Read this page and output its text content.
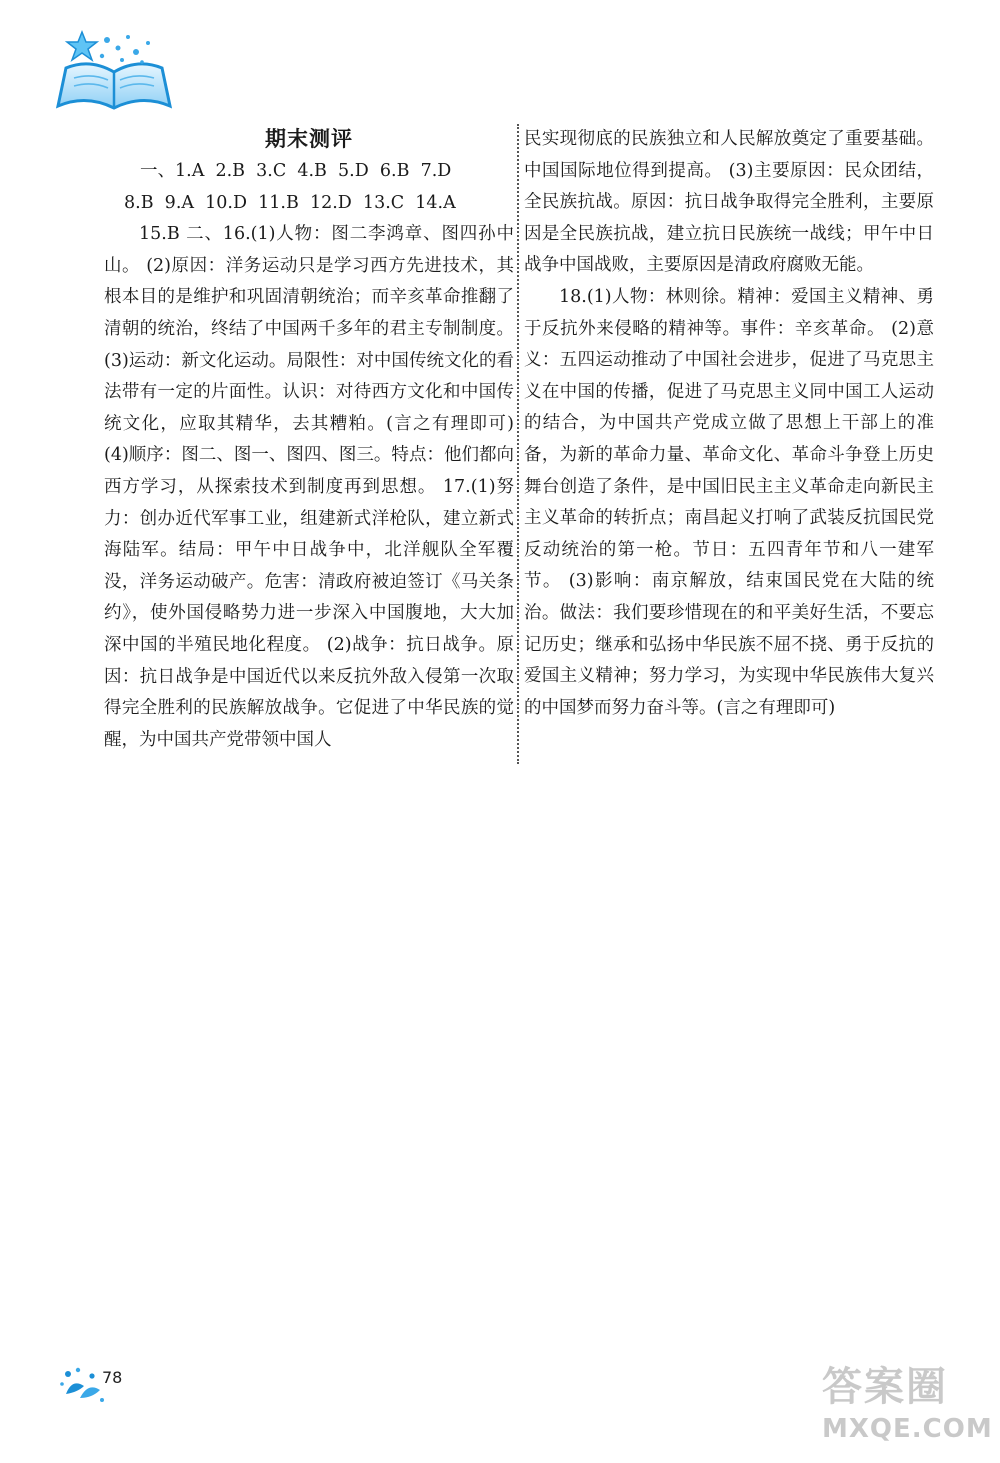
期末测评

一、1.A  2.B  3.C  4.B  5.D  6.B  7.D

8.B  9.A  10.D  11.B  12.D  13.C  14.A

15.B 二、16.(1)人物：图二李鸿章、图四孙中山。 (2)原因：洋务运动只是学习西方先进技术，其根本目的是维护和巩固清朝统治；而辛亥革命推翻了清朝的统治，终结了中国两千多年的君主专制制度。 (3)运动：新文化运动。局限性：对中国传统文化的看法带有一定的片面性。认识：对待西方文化和中国传统文化，应取其精华，去其糟粕。(言之有理即可) (4)顺序：图二、图一、图四、图三。特点：他们都向西方学习，从探索技术到制度再到思想。 17.(1)努力：创办近代军事工业，组建新式洋枪队，建立新式海陆军。结局：甲午中日战争中，北洋舰队全军覆没，洋务运动破产。危害：清政府被迫签订《马关条约》，使外国侵略势力进一步深入中国腹地，大大加深中国的半殖民地化程度。 (2)战争：抗日战争。原因：抗日战争是中国近代以来反抗外敌入侵第一次取得完全胜利的民族解放战争。它促进了中华民族的觉醒，为中国共产党带领中国人

民实现彻底的民族独立和人民解放奠定了重要基础。中国国际地位得到提高。 (3)主要原因：民众团结，全民族抗战。原因：抗日战争取得完全胜利，主要原因是全民族抗战，建立抗日民族统一战线；甲午中日战争中国战败，主要原因是清政府腐败无能。

18.(1)人物：林则徐。精神：爱国主义精神、勇于反抗外来侵略的精神等。事件：辛亥革命。 (2)意义：五四运动推动了中国社会进步，促进了马克思主义在中国的传播，促进了马克思主义同中国工人运动的结合，为中国共产党成立做了思想上干部上的准备，为新的革命力量、革命文化、革命斗争登上历史舞台创造了条件，是中国旧民主主义革命走向新民主主义革命的转折点；南昌起义打响了武装反抗国民党反动统治的第一枪。节日：五四青年节和八一建军节。 (3)影响：南京解放，结束国民党在大陆的统治。做法：我们要珍惜现在的和平美好生活，不要忘记历史；继承和弘扬中华民族不屈不挠、勇于反抗的爱国主义精神；努力学习，为实现中华民族伟大复兴的中国梦而努力奋斗等。(言之有理即可)

78	答案圈
MXQE.COM
